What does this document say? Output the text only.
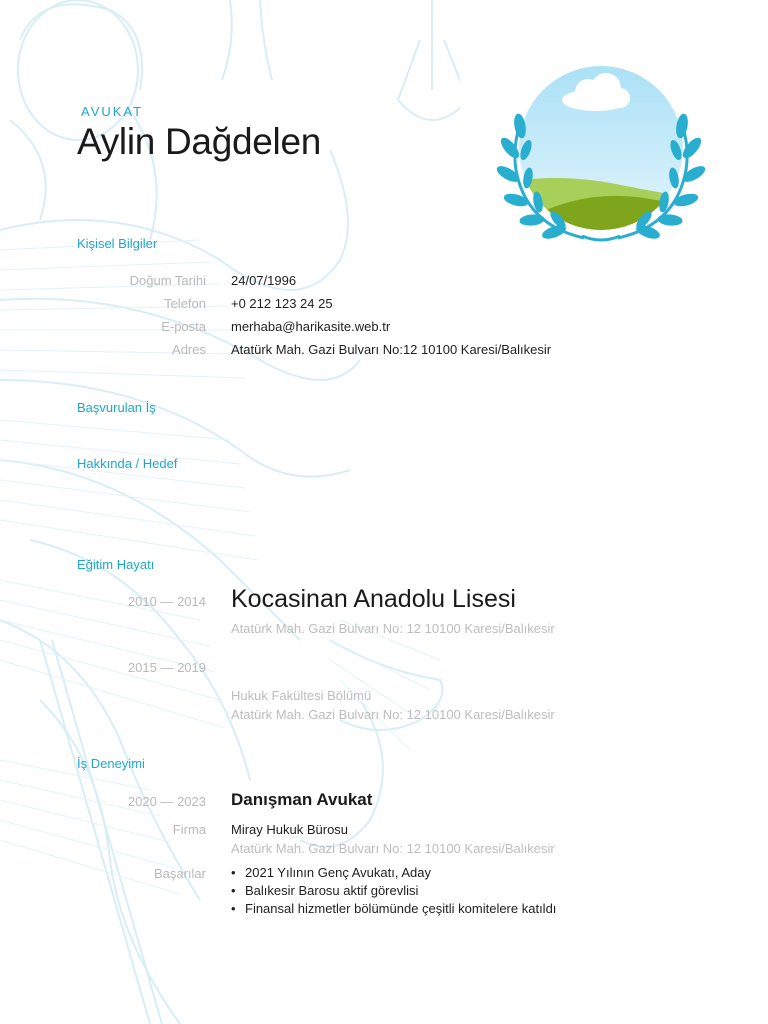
AVUKAT
Aylin Dağdelen
Kişisel Bilgiler
Doğum Tarihi 24/07/1996
Telefon +0 212 123 24 25
E-posta merhaba@harikasite.web.tr
Adres Atatürk Mah. Gazi Bulvarı No:12 10100 Karesi/Balıkesir
Başvurulan İş
Hakkında / Hedef
Eğitim Hayatı
2010 — 2014 Kocasinan Anadolu Lisesi
Atatürk Mah. Gazi Bulvarı No: 12 10100 Karesi/Balıkesir
2015 — 2019
Hukuk Fakültesi Bölümü
Atatürk Mah. Gazi Bulvarı No: 12 10100 Karesi/Balıkesir
İş Deneyimi
2020 — 2023 Danışman Avukat
Firma Miray Hukuk Bürosu
Atatürk Mah. Gazi Bulvarı No: 12 10100 Karesi/Balıkesir
Başarılar
•	2021 Yılının Genç Avukatı, Aday
• Balıkesir Barosu aktif görevlisi
• Finansal hizmetler bölümünde çeşitli komitelere katıldı
